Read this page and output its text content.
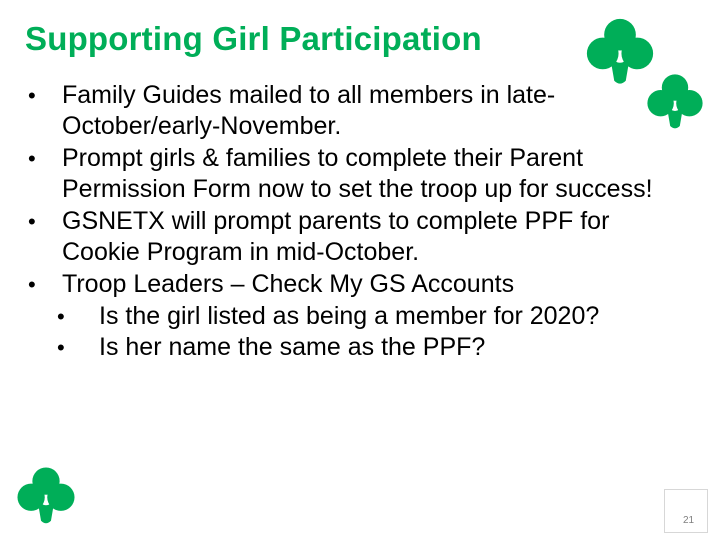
Supporting Girl Participation
• Family Guides mailed to all members in late-October/early-November.
• Prompt girls & families to complete their Parent Permission Form now to set the troop up for success!
• GSNETX will prompt parents to complete PPF for Cookie Program in mid-October.
• Troop Leaders – Check My GS Accounts
• Is the girl listed as being a member for 2020?
• Is her name the same as the PPF?
21
